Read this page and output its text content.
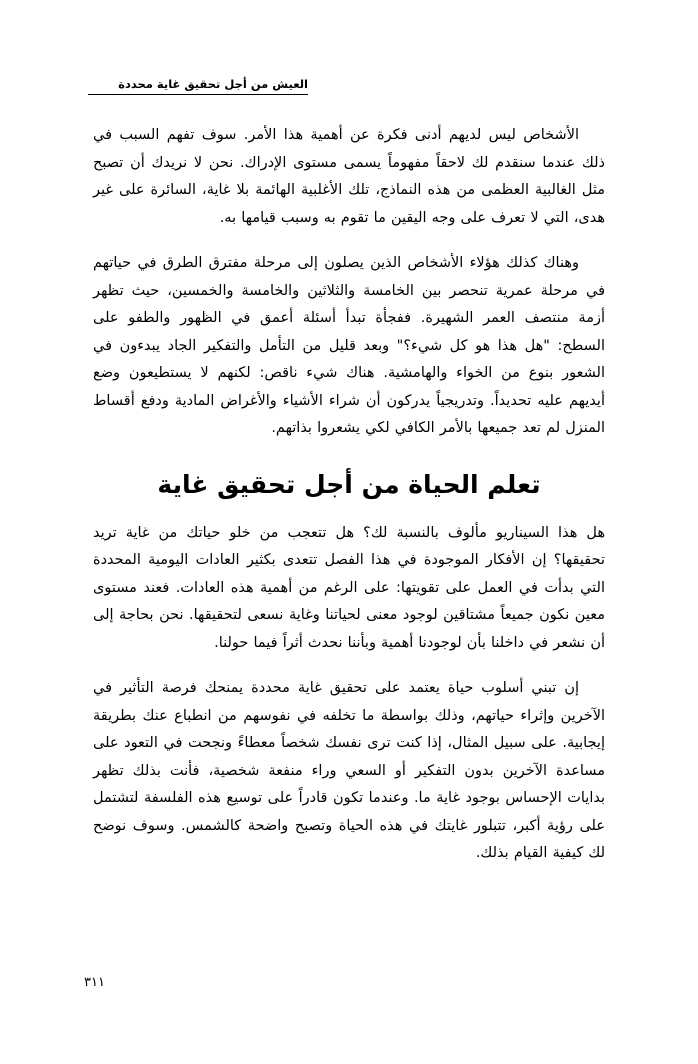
العيش من أجل تحقيق غاية محددة

الأشخاص ليس لديهم أدنى فكرة عن أهمية هذا الأمر. سوف تفهم السبب في ذلك عندما سنقدم لك لاحقاً مفهوماً يسمى مستوى الإدراك. نحن لا نريدك أن تصبح مثل الغالبية العظمى من هذه النماذج، تلك الأغلبية الهائمة بلا غاية، السائرة على غير هدى، التي لا تعرف على وجه اليقين ما تقوم به وسبب قيامها به.

وهناك كذلك هؤلاء الأشخاص الذين يصلون إلى مرحلة مفترق الطرق في حياتهم في مرحلة عمرية تنحصر بين الخامسة والثلاثين والخامسة والخمسين، حيث تظهر أزمة منتصف العمر الشهيرة. ففجأة تبدأ أسئلة أعمق في الظهور والطفو على السطح: "هل هذا هو كل شيء؟" وبعد قليل من التأمل والتفكير الجاد يبدءون في الشعور بنوع من الخواء والهامشية. هناك شيء ناقص: لكنهم لا يستطيعون وضع أيديهم عليه تحديداً. وتدريجياً يدركون أن شراء الأشياء والأغراض المادية ودفع أقساط المنزل لم تعد جميعها بالأمر الكافي لكي يشعروا بذاتهم.

تعلم الحياة من أجل تحقيق غاية

هل هذا السيناريو مألوف بالنسبة لك؟ هل تتعجب من خلو حياتك من غاية تريد تحقيقها؟ إن الأفكار الموجودة في هذا الفصل تتعدى بكثير العادات اليومية المحددة التي بدأت في العمل على تقويتها: على الرغم من أهمية هذه العادات. فعند مستوى معين نكون جميعاً مشتاقين لوجود معنى لحياتنا وغاية نسعى لتحقيقها. نحن بحاجة إلى أن نشعر في داخلنا بأن لوجودنا أهمية وبأننا نحدث أثراً فيما حولنا.

إن تبني أسلوب حياة يعتمد على تحقيق غاية محددة يمنحك فرصة التأثير في الآخرين وإثراء حياتهم، وذلك بواسطة ما تخلفه في نفوسهم من انطباع عنك بطريقة إيجابية. على سبيل المثال، إذا كنت ترى نفسك شخصاً معطاءً ونجحت في التعود على مساعدة الآخرين بدون التفكير أو السعي وراء منفعة شخصية، فأنت بذلك تظهر بدايات الإحساس بوجود غاية ما. وعندما تكون قادراً على توسيع هذه الفلسفة لتشتمل على رؤية أكبر، تتبلور غايتك في هذه الحياة وتصبح واضحة كالشمس. وسوف نوضح لك كيفية القيام بذلك.

٣١١
